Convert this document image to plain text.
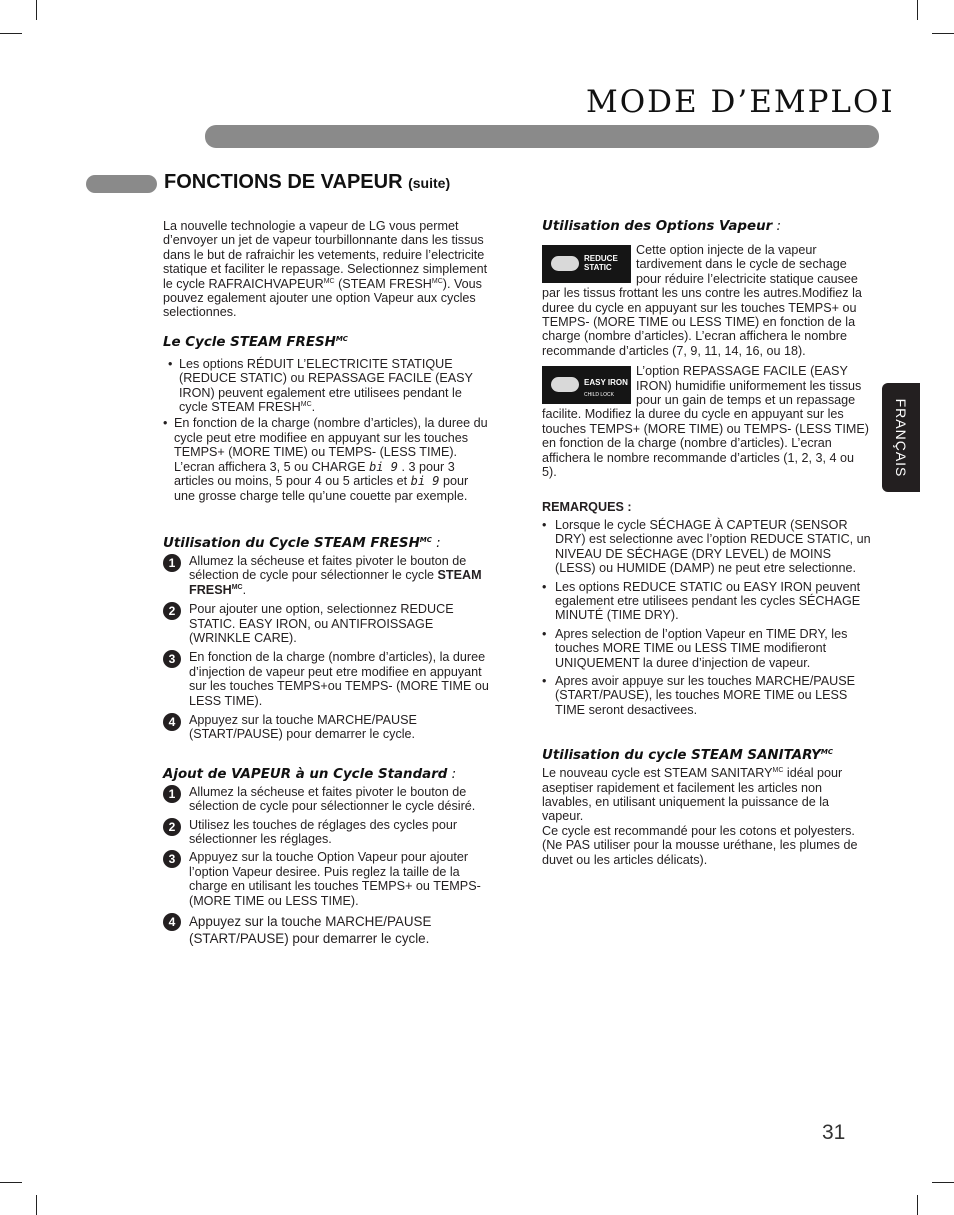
MODE D’EMPLOI
FONCTIONS DE VAPEUR (suite)
FRANÇAIS

La nouvelle technologie a vapeur de LG vous permet d’envoyer un jet de vapeur tourbillonnante dans les tissus dans le but de rafraichir les vetements, reduire l’electricite statique et faciliter le repassage. Selectionnez simplement le cycle $RAFRAICHVAPEUR^{MC}$ (STEAM $FRESH^{MC}$). Vous pouvez egalement ajouter une option Vapeur aux cycles selectionnes.

Le Cycle STEAM $FRESH^{MC}$
• Les options RÉDUIT L’ELECTRICITE STATIQUE (REDUCE STATIC) ou REPASSAGE FACILE (EASY IRON) peuvent egalement etre utilisees pendant le cycle STEAM $FRESH^{MC}$.
• En fonction de la charge (nombre d’articles), la duree du cycle peut etre modifiee en appuyant sur les touches TEMPS+ (MORE TIME) ou TEMPS- (LESS TIME). L’ecran affichera 3, 5 ou CHARGE bi 9 . 3 pour 3 articles ou moins, 5 pour 4 ou 5 articles et bi 9 pour une grosse charge telle qu’une couette par exemple.
Utilisation du Cycle STEAM $FRESH^{MC}$ :
1	Allumez la sécheuse et faites pivoter le bouton de sélection de cycle pour sélectionner le cycle STEAM $FRESH^{MC}$.
2	Pour ajouter une option, selectionnez REDUCE STATIC. EASY IRON, ou ANTIFROISSAGE (WRINKLE CARE).
3	En fonction de la charge (nombre d’articles), la duree d’injection de vapeur peut etre modifiee en appuyant sur les touches TEMPS+ou TEMPS- (MORE TIME ou LESS TIME).
4	Appuyez sur la touche MARCHE/PAUSE (START/PAUSE) pour demarrer le cycle.
Ajout de VAPEUR à un Cycle Standard :
1	Allumez la sécheuse et faites pivoter le bouton de sélection de cycle pour sélectionner le cycle désiré.
2	Utilisez les touches de réglages des cycles pour sélectionner les réglages.
3	Appuyez sur la touche Option Vapeur pour ajouter l’option Vapeur desiree. Puis reglez la taille de la charge en utilisant les touches TEMPS+ ou TEMPS- (MORE TIME ou LESS TIME).
4	Appuyez sur la touche MARCHE/PAUSE (START/PAUSE) pour demarrer le cycle.
Utilisation des Options Vapeur :
REDUCE STATIC

Cette option injecte de la vapeur tardivement dans le cycle de sechage pour réduire l’electricite statique causee par les tissus frottant les uns contre les autres.Modifiez la duree du cycle en appuyant sur les touches TEMPS+ ou TEMPS- (MORE TIME ou LESS TIME) en fonction de la charge (nombre d’articles). L’ecran affichera le nombre recommande d’articles (7, 9, 11, 14, 16, ou 18).

EASY IRON
CHILD LOCK

L’option REPASSAGE FACILE (EASY IRON) humidifie uniformement les tissus pour un gain de temps et un repassage facilite. Modifiez la duree du cycle en appuyant sur les touches TEMPS+ (MORE TIME) ou TEMPS- (LESS TIME) en fonction de la charge (nombre d’articles). L’ecran affichera le nombre recommande d’articles (1, 2, 3, 4 ou 5).

REMARQUES :

• Lorsque le cycle SÉCHAGE À CAPTEUR (SENSOR DRY) est selectionne avec l’option REDUCE STATIC, un NIVEAU DE SÉCHAGE (DRY LEVEL) de MOINS (LESS) ou HUMIDE (DAMP) ne peut etre selectionne.
• Les options REDUCE STATIC ou EASY IRON peuvent egalement etre utilisees pendant les cycles SÉCHAGE MINUTÉ (TIME DRY).
• Apres selection de l’option Vapeur en TIME DRY, les touches MORE TIME ou LESS TIME modifieront UNIQUEMENT la duree d’injection de vapeur.
• Apres avoir appuye sur les touches MARCHE/PAUSE (START/PAUSE), les touches MORE TIME ou LESS TIME seront desactivees.
Utilisation du cycle STEAM $SANITARY^{MC}$

Le nouveau cycle est STEAM $SANITARY^{MC}$ idéal pour aseptiser rapidement et facilement les articles non lavables, en utilisant uniquement la puissance de la vapeur.

Ce cycle est recommandé pour les cotons et polyesters.

(Ne PAS utiliser pour la mousse uréthane, les plumes de duvet ou les articles délicats).

31
